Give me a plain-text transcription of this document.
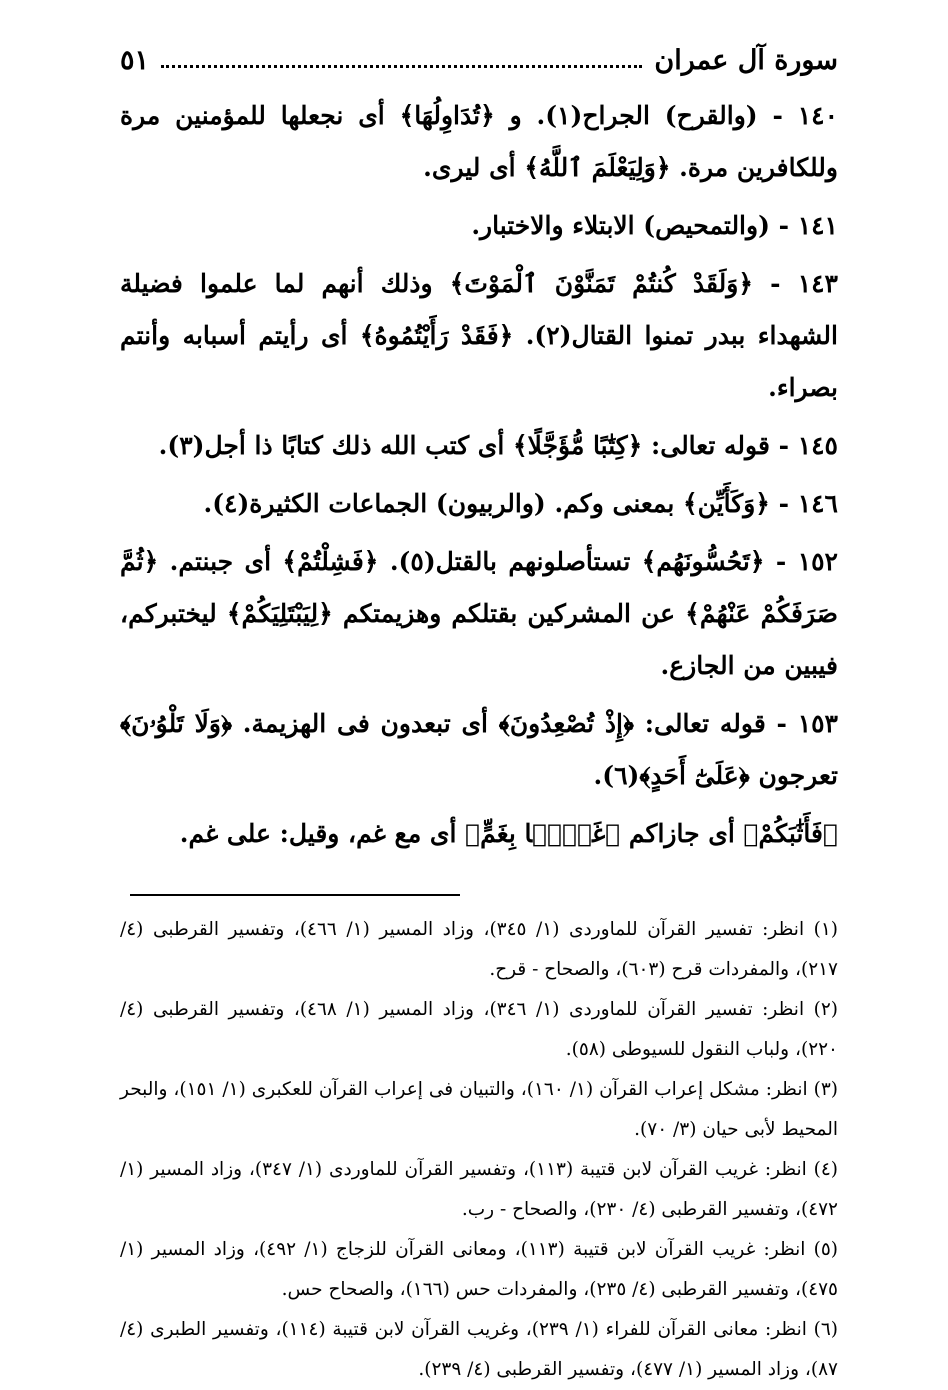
سورة آل عمران
٥١

١٤٠ - (والقرح) الجراح(١). و ﴿تُدَاوِلُهَا﴾ أى نجعلها للمؤمنين مرة وللكافرين مرة. ﴿وَلِيَعْلَمَ ٱللَّهُ﴾ أى ليرى.

١٤١ - (والتمحيص) الابتلاء والاختبار.

١٤٣ - ﴿وَلَقَدْ كُنتُمْ تَمَنَّوْنَ ٱلْمَوْتَ﴾ وذلك أنهم لما علموا فضيلة الشهداء ببدر تمنوا القتال(٢). ﴿فَقَدْ رَأَيْتُمُوهُ﴾ أى رأيتم أسبابه وأنتم بصراء.

١٤٥ - قوله تعالى: ﴿كِتَٰبًا مُّؤَجَّلًا﴾ أى كتب الله ذلك كتابًا ذا أجل(٣).

١٤٦ - ﴿وَكَأَيِّن﴾ بمعنى وكم. (والربيون) الجماعات الكثيرة(٤).

١٥٢ - ﴿تَحُسُّونَهُم﴾ تستأصلونهم بالقتل(٥). ﴿فَشِلْتُمْ﴾ أى جبنتم. ﴿ثُمَّ صَرَفَكُمْ عَنْهُمْ﴾ عن المشركين بقتلكم وهزيمتكم ﴿لِيَبْتَلِيَكُمْ﴾ ليختبركم، فيبين من الجازع.

١٥٣ - قوله تعالى: ﴿إِذْ تُصْعِدُونَ﴾ أى تبعدون فى الهزيمة. ﴿وَلَا تَلْوُۥنَ﴾ تعرجون ﴿عَلَىٰٓ أَحَدٍ﴾(٦).

﴿فَأَثَٰبَكُمْ﴾ أى جازاكم ﴿غَمًّۢا بِغَمٍّ﴾ أى مع غم، وقيل: على غم.

(١) انظر: تفسير القرآن للماوردى (١/ ٣٤٥)، وزاد المسير (١/ ٤٦٦)، وتفسير القرطبى (٤/ ٢١٧)، والمفردات قرح (٦٠٣)، والصحاح - قرح.

(٢) انظر: تفسير القرآن للماوردى (١/ ٣٤٦)، وزاد المسير (١/ ٤٦٨)، وتفسير القرطبى (٤/ ٢٢٠)، ولباب النقول للسيوطى (٥٨).

(٣) انظر: مشكل إعراب القرآن (١/ ١٦٠)، والتبيان فى إعراب القرآن للعكبرى (١/ ١٥١)، والبحر المحيط لأبى حيان (٣/ ٧٠).

(٤) انظر: غريب القرآن لابن قتيبة (١١٣)، وتفسير القرآن للماوردى (١/ ٣٤٧)، وزاد المسير (١/ ٤٧٢)، وتفسير القرطبى (٤/ ٢٣٠)، والصحاح - رب.

(٥) انظر: غريب القرآن لابن قتيبة (١١٣)، ومعانى القرآن للزجاج (١/ ٤٩٢)، وزاد المسير (١/ ٤٧٥)، وتفسير القرطبى (٤/ ٢٣٥)، والمفردات حس (١٦٦)، والصحاح حس.

(٦) انظر: معانى القرآن للفراء (١/ ٢٣٩)، وغريب القرآن لابن قتيبة (١١٤)، وتفسير الطبرى (٤/ ٨٧)، وزاد المسير (١/ ٤٧٧)، وتفسير القرطبى (٤/ ٢٣٩).
